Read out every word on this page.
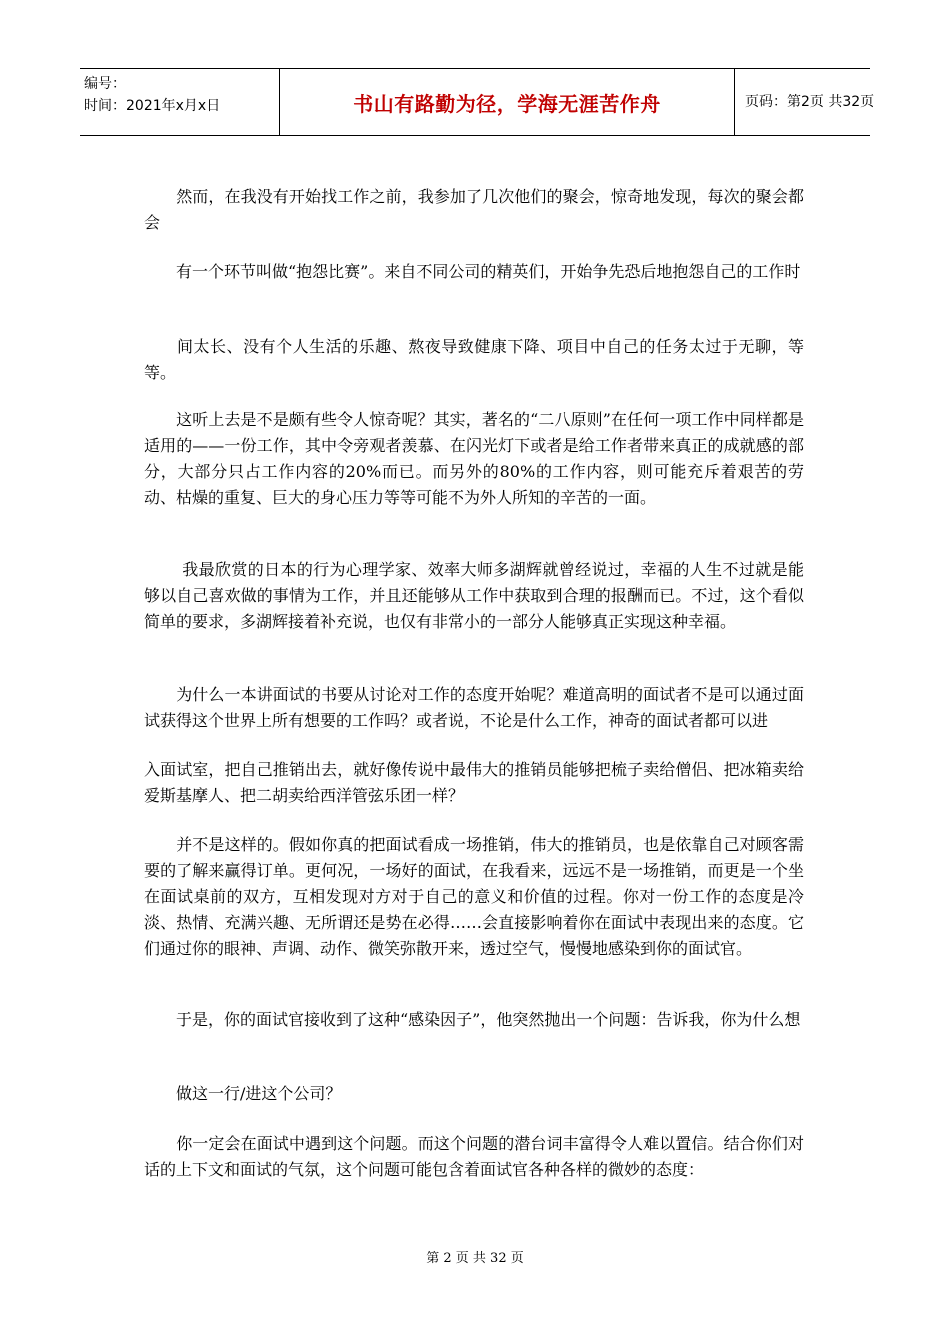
编号：
时间：2021年x月x日	书山有路勤为径，学海无涯苦作舟	页码：第2页 共32页

　　然而，在我没有开始找工作之前，我参加了几次他们的聚会，惊奇地发现，每次的聚会都会

　　有一个环节叫做“抱怨比赛”。来自不同公司的精英们，开始争先恐后地抱怨自己的工作时

　　间太长、没有个人生活的乐趣、熬夜导致健康下降、项目中自己的任务太过于无聊，等等。

　　这听上去是不是颇有些令人惊奇呢？其实，著名的“二八原则”在任何一项工作中同样都是适用的——一份工作，其中令旁观者羡慕、在闪光灯下或者是给工作者带来真正的成就感的部分，大部分只占工作内容的20%而已。而另外的80%的工作内容，则可能充斥着艰苦的劳动、枯燥的重复、巨大的身心压力等等可能不为外人所知的辛苦的一面。

　　 我最欣赏的日本的行为心理学家、效率大师多湖辉就曾经说过，幸福的人生不过就是能够以自己喜欢做的事情为工作，并且还能够从工作中获取到合理的报酬而已。不过，这个看似简单的要求，多湖辉接着补充说，也仅有非常小的一部分人能够真正实现这种幸福。

　　为什么一本讲面试的书要从讨论对工作的态度开始呢？难道高明的面试者不是可以通过面试获得这个世界上所有想要的工作吗？或者说，不论是什么工作，神奇的面试者都可以进

入面试室，把自己推销出去，就好像传说中最伟大的推销员能够把梳子卖给僧侣、把冰箱卖给爱斯基摩人、把二胡卖给西洋管弦乐团一样？

　　并不是这样的。假如你真的把面试看成一场推销，伟大的推销员，也是依靠自己对顾客需要的了解来赢得订单。更何况，一场好的面试，在我看来，远远不是一场推销，而更是一个坐在面试桌前的双方，互相发现对方对于自己的意义和价值的过程。你对一份工作的态度是冷淡、热情、充满兴趣、无所谓还是势在必得……会直接影响着你在面试中表现出来的态度。它们通过你的眼神、声调、动作、微笑弥散开来，透过空气，慢慢地感染到你的面试官。

　　于是，你的面试官接收到了这种“感染因子”，他突然抛出一个问题：告诉我，你为什么想

　　做这一行/进这个公司？

　　你一定会在面试中遇到这个问题。而这个问题的潜台词丰富得令人难以置信。结合你们对话的上下文和面试的气氛，这个问题可能包含着面试官各种各样的微妙的态度：

第 2 页 共 32 页
